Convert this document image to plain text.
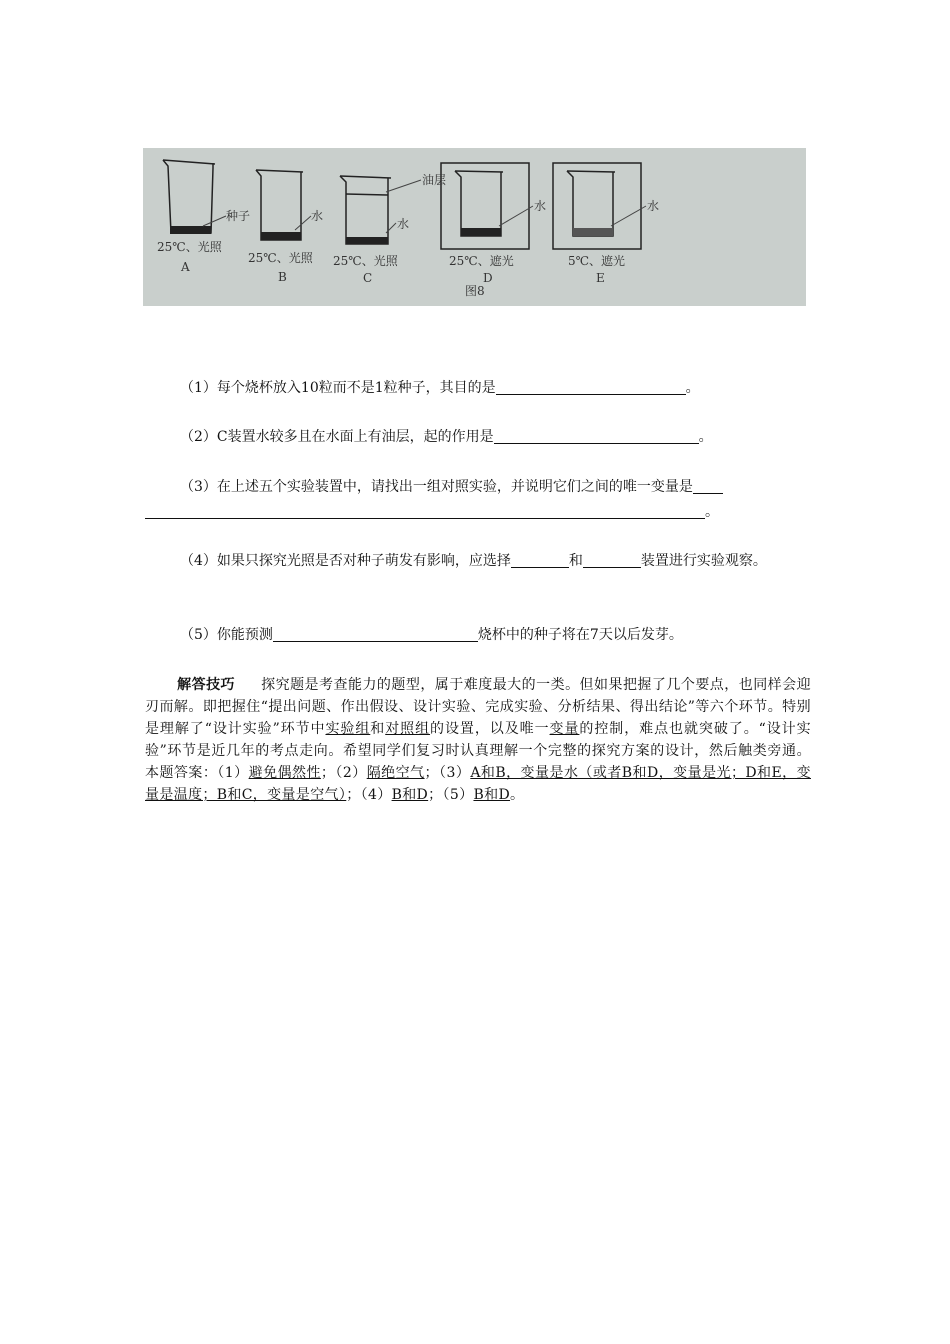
种子	水
油层
水
水	水
25℃、光照
25℃、光照 25℃、光照	25℃、遮光	5℃、遮光
A
B	C	D	E
图8
（1）每个烧杯放入10粒而不是1粒种子，其目的是	。
（2）C装置水较多且在水面上有油层，起的作用是	。
（3）在上述五个实验装置中，请找出一组对照实验，并说明它们之间的唯一变量是
。
（4）如果只探究光照是否对种子萌发有影响，应选择	和	装置进行实验观察。
（5）你能预测	烧杯中的种子将在7天以后发芽。
解答技巧 探究题是考查能力的题型，属于难度最大的一类。但如果把握了几个要点，也同样会迎刃而解。即把握住“提出问题、作出假设、设计实验、完成实验、分析结果、得出结论”等六个环节。特别是理解了“设计实验”环节中实验组和对照组的设置，以及唯一变量的控制，难点也就突破了。“设计实验”环节是近几年的考点走向。希望同学们复习时认真理解一个完整的探究方案的设计，然后触类旁通。本题答案：（1）避免偶然性；（2）隔绝空气；（3）A和B，变量是水（或者B和D，变量是光；D和E，变量是温度；B和C，变量是空气）；（4）B和D；（5）B和D。
